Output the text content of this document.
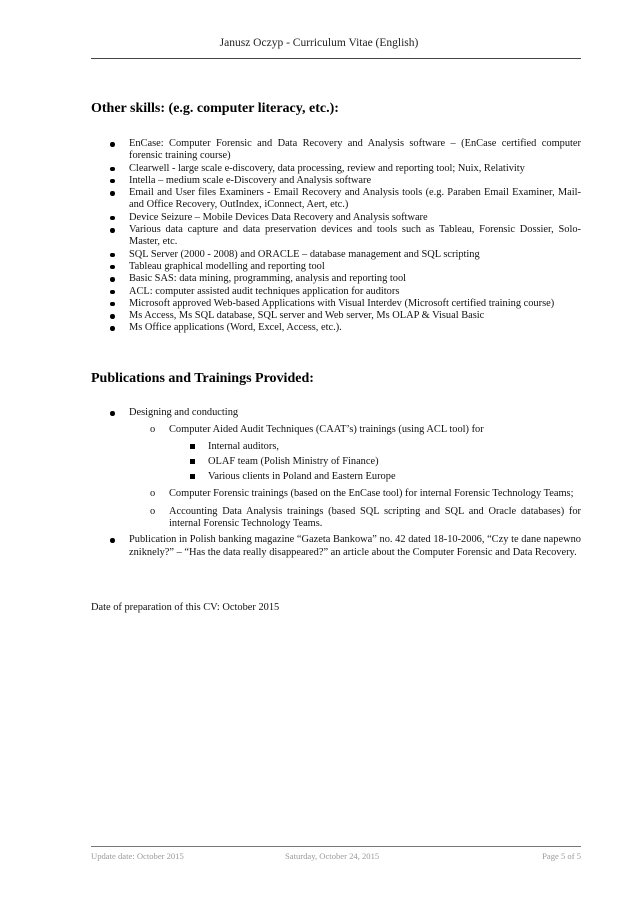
Janusz Oczyp - Curriculum Vitae (English)
Other skills: (e.g. computer literacy, etc.):
EnCase: Computer Forensic and Data Recovery and Analysis software – (EnCase certified computer forensic training course)
Clearwell - large scale e-discovery, data processing, review and reporting tool; Nuix, Relativity
Intella – medium scale e-Discovery and Analysis software
Email and User files Examiners - Email Recovery and Analysis tools (e.g. Paraben Email Examiner, Mail- and Office Recovery, OutIndex, iConnect, Aert, etc.)
Device Seizure – Mobile Devices Data Recovery and Analysis software
Various data capture and data preservation devices and tools such as Tableau, Forensic Dossier, Solo-Master, etc.
SQL Server (2000 - 2008) and ORACLE – database management and SQL scripting
Tableau graphical modelling and reporting tool
Basic SAS: data mining, programming, analysis and reporting tool
ACL: computer assisted audit techniques application for auditors
Microsoft approved Web-based Applications with Visual Interdev (Microsoft certified training course)
Ms Access, Ms SQL database, SQL server and Web server, Ms OLAP & Visual Basic
Ms Office applications (Word, Excel, Access, etc.).
Publications and Trainings Provided:
Designing and conducting
o Computer Aided Audit Techniques (CAAT’s) trainings (using ACL tool) for
Internal auditors,
OLAF team (Polish Ministry of Finance)
Various clients in Poland and Eastern Europe
o Computer Forensic trainings (based on the EnCase tool) for internal Forensic Technology Teams;
o Accounting Data Analysis trainings (based SQL scripting and SQL and Oracle databases) for internal Forensic Technology Teams.
Publication in Polish banking magazine “Gazeta Bankowa” no. 42 dated 18-10-2006, “Czy te dane napewno zniknely?” – “Has the data really disappeared?” an article about the Computer Forensic and Data Recovery.
Date of preparation of this CV: October 2015
Update date: October 2015	Saturday, October 24, 2015	Page 5 of 5
